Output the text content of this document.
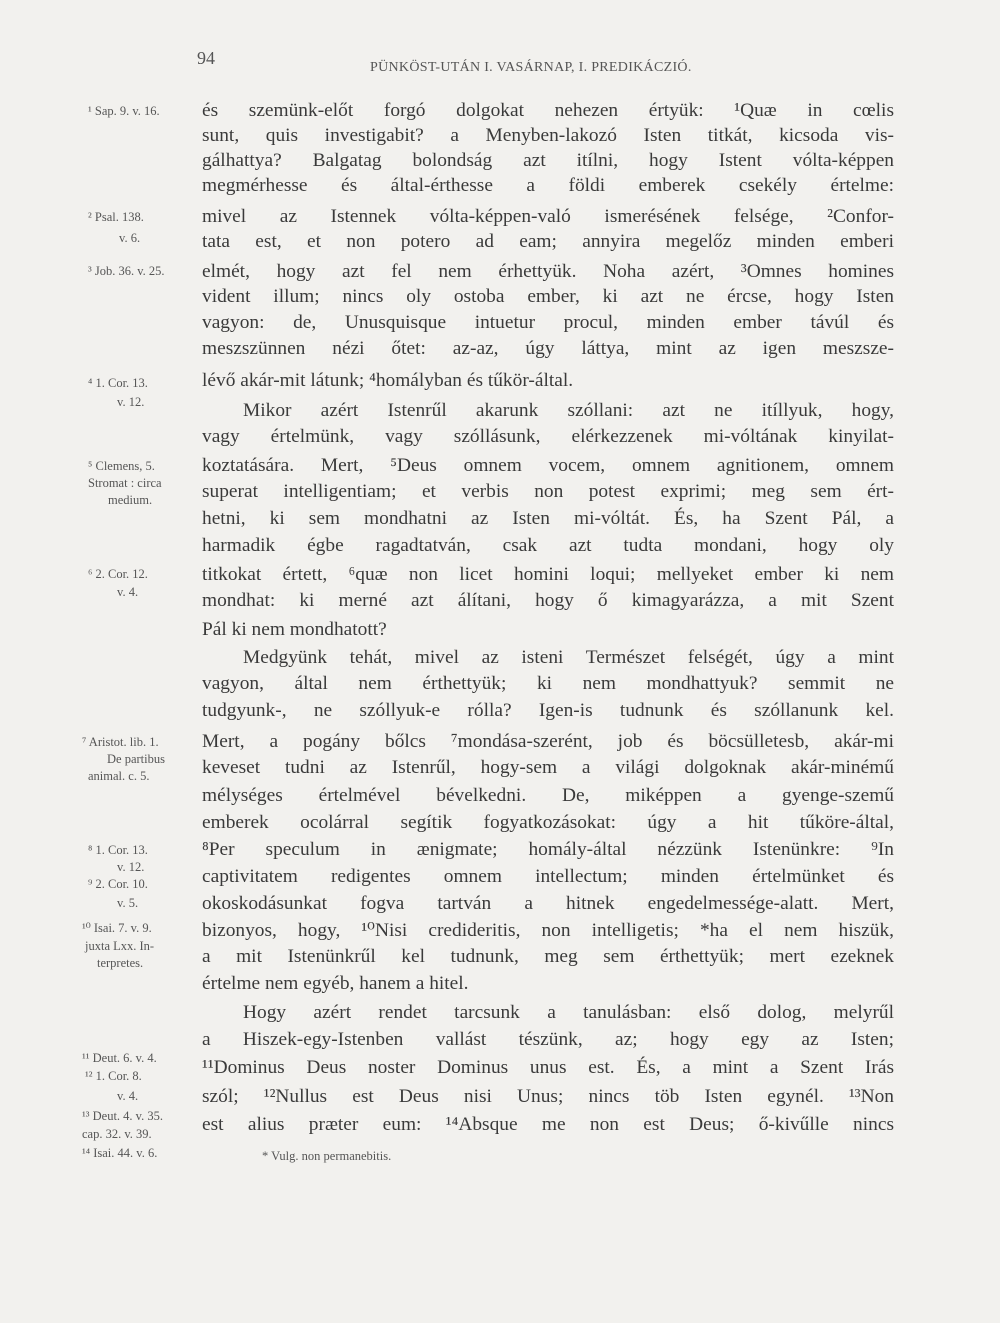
94	PÜNKÖST-UTÁN I. VASÁRNAP, I. PREDIKÁCZIÓ.
¹ Sap. 9. v. 16.
² Psal. 138.
v. 6.
³ Job. 36. v. 25.
⁴ 1. Cor. 13.
v. 12.
⁵ Clemens, 5.
Stromat : circa
medium.
⁶ 2. Cor. 12.
v. 4.
⁷ Aristot. lib. 1.
De partibus
animal. c. 5.
⁸ 1. Cor. 13.
v. 12.
⁹ 2. Cor. 10.
v. 5.
¹⁰ Isai. 7. v. 9.
juxta Lxx. In-
terpretes.
¹¹ Deut. 6. v. 4.
¹² 1. Cor. 8.
v. 4.
¹³ Deut. 4. v. 35.
cap. 32. v. 39.
¹⁴ Isai. 44. v. 6.
és szemünk-előt forgó dolgokat nehezen értyük: ¹Quæ in cœlis
sunt, quis investigabit? a Menyben-lakozó Isten titkát, kicsoda vis-
gálhattya? Balgatag bolondság azt itílni, hogy Istent vólta-képpen
megmérhesse és által-érthesse a földi emberek csekély értelme:
mivel az Istennek vólta-képpen-való ismerésének felsége, ²Confor-
tata est, et non potero ad eam; annyira megelőz minden emberi
elmét, hogy azt fel nem érhettyük. Noha azért, ³Omnes homines
vident illum; nincs oly ostoba ember, ki azt ne ércse, hogy Isten
vagyon: de, Unusquisque intuetur procul, minden ember távúl és
meszszünnen nézi őtet: az-az, úgy láttya, mint az igen meszsze-
lévő akár-mit látunk; ⁴homályban és tűkör-által.
Mikor azért Istenrűl akarunk szóllani: azt ne itíllyuk, hogy,
vagy értelmünk, vagy szóllásunk, elérkezzenek mi-vóltának kinyilat-
koztatására. Mert, ⁵Deus omnem vocem, omnem agnitionem, omnem
superat intelligentiam; et verbis non potest exprimi; meg sem ért-
hetni, ki sem mondhatni az Isten mi-vóltát. És, ha Szent Pál, a
harmadik égbe ragadtatván, csak azt tudta mondani, hogy oly
titkokat értett, ⁶quæ non licet homini loqui; mellyeket ember ki nem
mondhat: ki merné azt álítani, hogy ő kimagyarázza, a mit Szent
Pál ki nem mondhatott?
Medgyünk tehát, mivel az isteni Természet felségét, úgy a mint
vagyon, által nem érthettyük; ki nem mondhattyuk? semmit ne
tudgyunk-, ne szóllyuk-e rólla? Igen-is tudnunk és szóllanunk kel.
Mert, a pogány bőlcs ⁷mondása-szerént, job és böcsülletesb, akár-mi
keveset tudni az Istenrűl, hogy-sem a világi dolgoknak akár-minémű
mélységes értelmével bévelkedni. De, miképpen a gyenge-szemű
emberek ocolárral segítik fogyatkozásokat: úgy a hit tűköre-által,
⁸Per speculum in ænigmate; homály-által nézzünk Istenünkre: ⁹In
captivitatem redigentes omnem intellectum; minden értelmünket és
okoskodásunkat fogva tartván a hitnek engedelmessége-alatt. Mert,
bizonyos, hogy, ¹⁰Nisi credideritis, non intelligetis; *ha el nem hiszük,
a mit Istenünkrűl kel tudnunk, meg sem érthettyük; mert ezeknek
értelme nem egyéb, hanem a hitel.
Hogy azért rendet tarcsunk a tanulásban: első dolog, melyrűl
a Hiszek-egy-Istenben vallást tészünk, az; hogy egy az Isten;
¹¹Dominus Deus noster Dominus unus est. És, a mint a Szent Irás
szól; ¹²Nullus est Deus nisi Unus; nincs töb Isten egynél. ¹³Non
est alius præter eum: ¹⁴Absque me non est Deus; ő-kivűlle nincs
* Vulg. non permanebitis.
